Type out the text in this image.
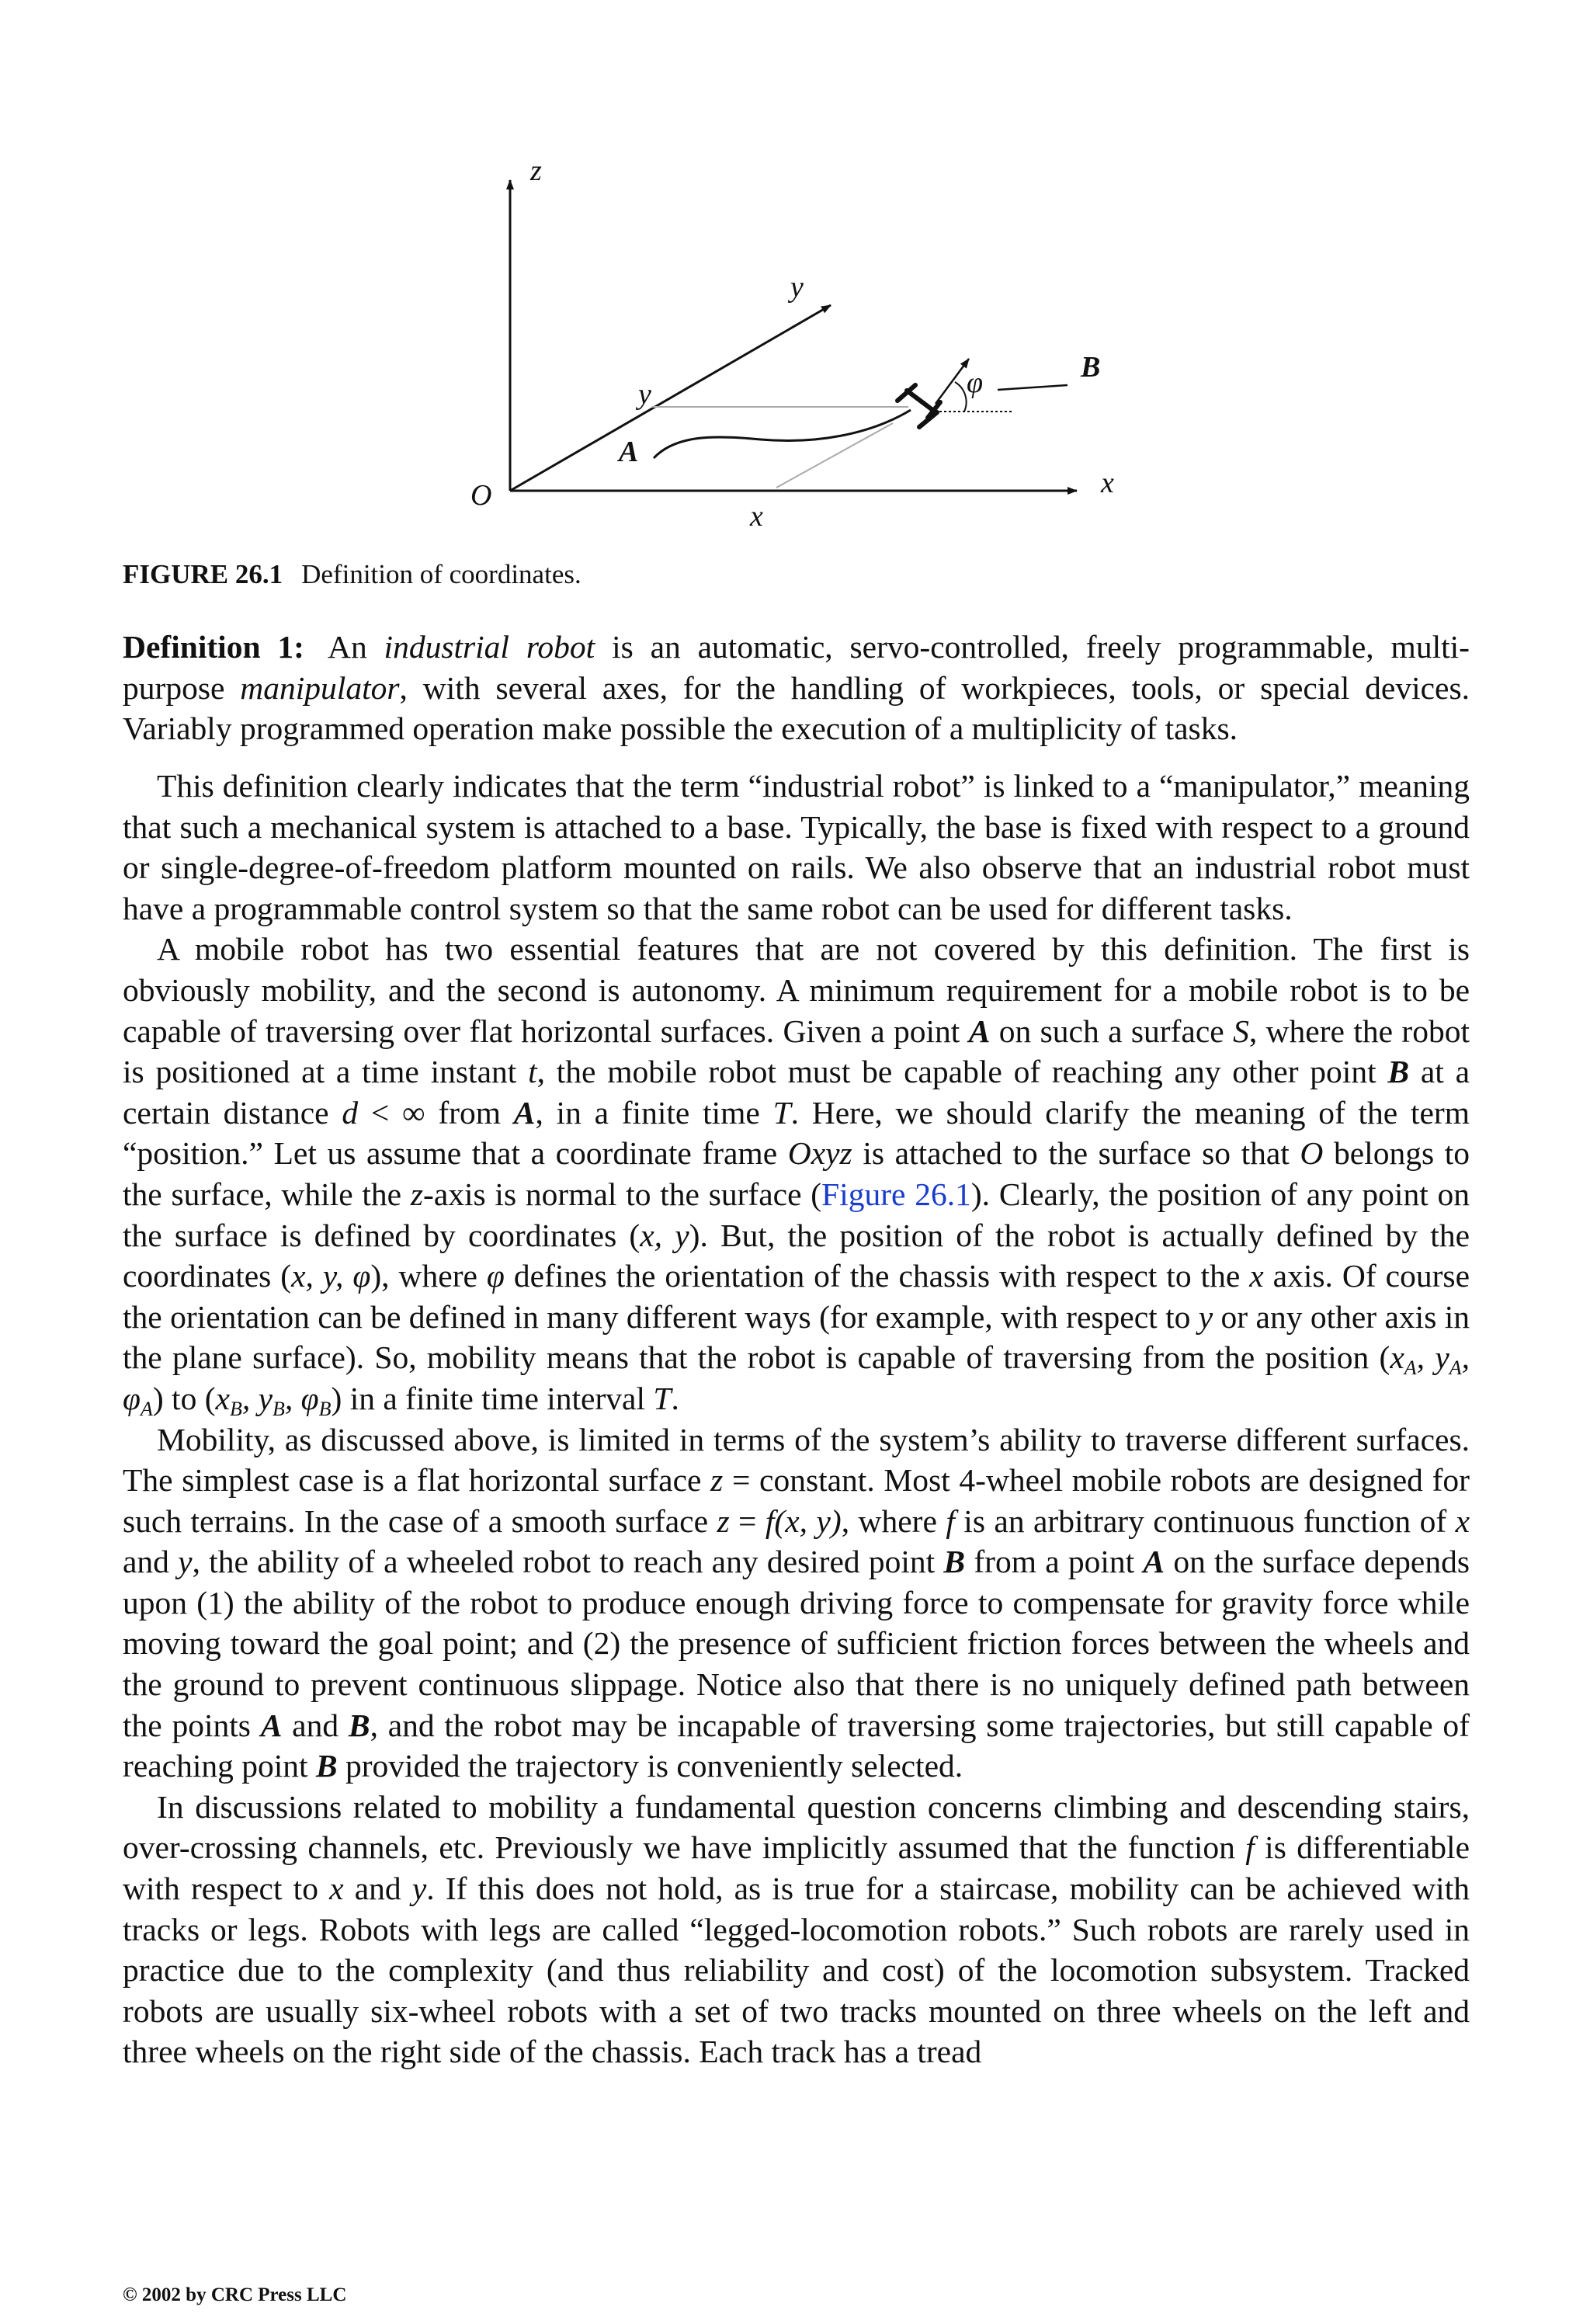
z
y
x
O
A
B
y
x
φ
FIGURE 26.1 Definition of coordinates.
Definition 1: An industrial robot is an automatic, servo-controlled, freely programmable, multi-purpose manipulator, with several axes, for the handling of workpieces, tools, or special devices. Variably programmed operation make possible the execution of a multiplicity of tasks.

This definition clearly indicates that the term “industrial robot” is linked to a “manipulator,” meaning that such a mechanical system is attached to a base. Typically, the base is fixed with respect to a ground or single-degree-of-freedom platform mounted on rails. We also observe that an industrial robot must have a programmable control system so that the same robot can be used for different tasks.

A mobile robot has two essential features that are not covered by this definition. The first is obviously mobility, and the second is autonomy. A minimum requirement for a mobile robot is to be capable of traversing over flat horizontal surfaces. Given a point A on such a surface S, where the robot is positioned at a time instant t, the mobile robot must be capable of reaching any other point B at a certain distance d < ∞ from A, in a finite time T. Here, we should clarify the meaning of the term “position.” Let us assume that a coordinate frame Oxyz is attached to the surface so that O belongs to the surface, while the z-axis is normal to the surface (Figure 26.1). Clearly, the position of any point on the surface is defined by coordinates (x, y). But, the position of the robot is actually defined by the coordinates (x, y, φ), where φ defines the orientation of the chassis with respect to the x axis. Of course the orientation can be defined in many different ways (for example, with respect to y or any other axis in the plane surface). So, mobility means that the robot is capable of traversing from the position ($x_A$, $y_A$, $\varphi_A$) to ($x_B$, $y_B$, $\varphi_B$) in a finite time interval T.

Mobility, as discussed above, is limited in terms of the system’s ability to traverse different surfaces. The simplest case is a flat horizontal surface z = constant. Most 4-wheel mobile robots are designed for such terrains. In the case of a smooth surface z = f(x, y), where f is an arbitrary continuous function of x and y, the ability of a wheeled robot to reach any desired point B from a point A on the surface depends upon (1) the ability of the robot to produce enough driving force to compensate for gravity force while moving toward the goal point; and (2) the presence of sufficient friction forces between the wheels and the ground to prevent continuous slippage. Notice also that there is no uniquely defined path between the points A and B, and the robot may be incapable of traversing some trajectories, but still capable of reaching point B provided the trajectory is conveniently selected.

In discussions related to mobility a fundamental question concerns climbing and descending stairs, over-crossing channels, etc. Previously we have implicitly assumed that the function f is differentiable with respect to x and y. If this does not hold, as is true for a staircase, mobility can be achieved with tracks or legs. Robots with legs are called “legged-locomotion robots.” Such robots are rarely used in practice due to the complexity (and thus reliability and cost) of the locomotion subsystem. Tracked robots are usually six-wheel robots with a set of two tracks mounted on three wheels on the left and three wheels on the right side of the chassis. Each track has a tread

© 2002 by CRC Press LLC
